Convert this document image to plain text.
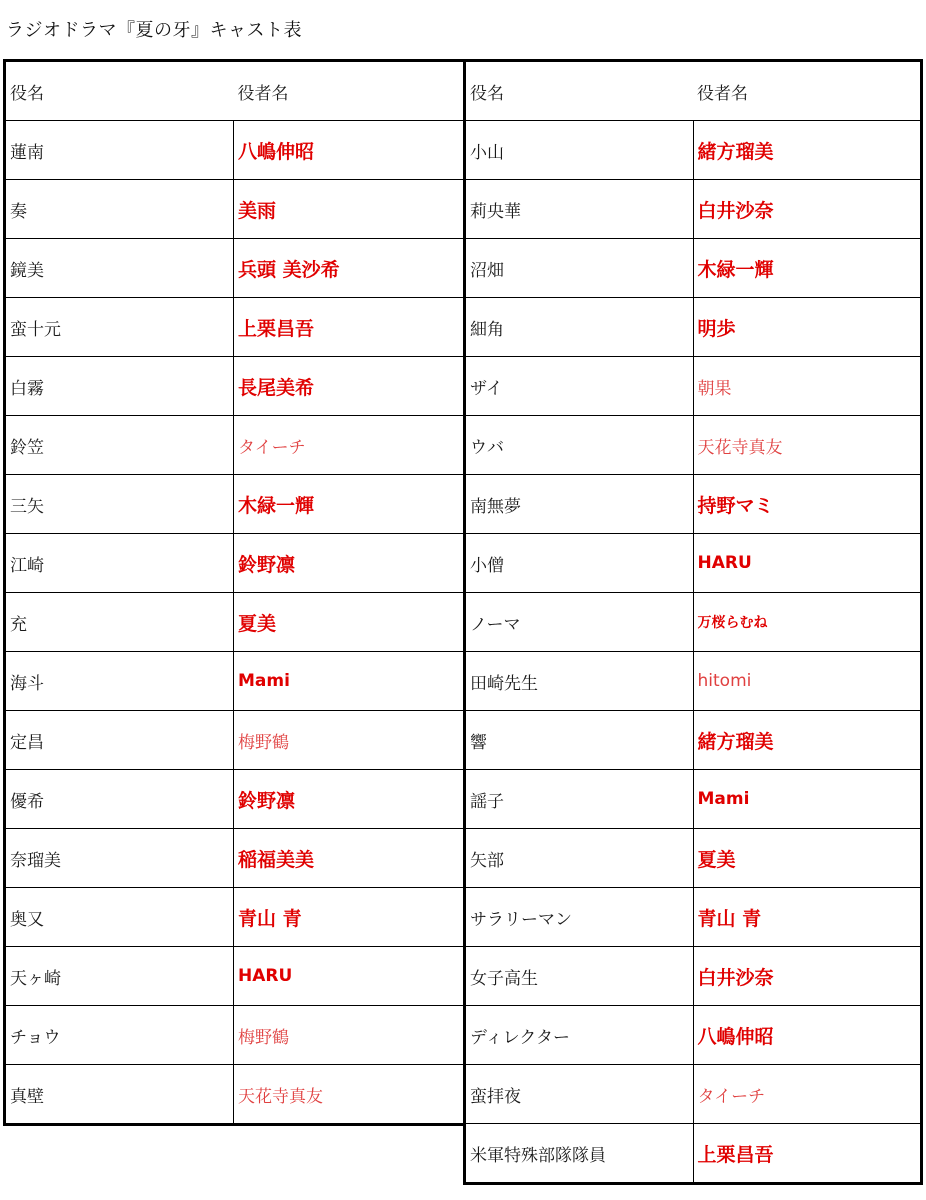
ラジオドラマ『夏の牙』キャスト表
役名	役者名
蓮南	八嶋伸昭
奏	美雨
鏡美	兵頭 美沙希
蛮十元	上栗昌吾
白霧	長尾美希
鈴笠	タイーチ
三矢	木緑一輝
江崎	鈴野凛
充	夏美
海斗	Mami
定昌	梅野鶴
優希	鈴野凛
奈瑠美	稲福美美
奥又	青山 青
天ヶ崎	HARU
チョウ	梅野鶴
真壁	天花寺真友
役名	役者名
小山	緒方瑠美
莉央華	白井沙奈
沼畑	木緑一輝
細角	明歩
ザイ	朝果
ウバ	天花寺真友
南無夢	持野マミ
小僧	HARU
ノーマ	万桜らむね
田崎先生	hitomi
響	緒方瑠美
謡子	Mami
矢部	夏美
サラリーマン	青山 青
女子高生	白井沙奈
ディレクター	八嶋伸昭
蛮拝夜	タイーチ
米軍特殊部隊隊員	上栗昌吾
